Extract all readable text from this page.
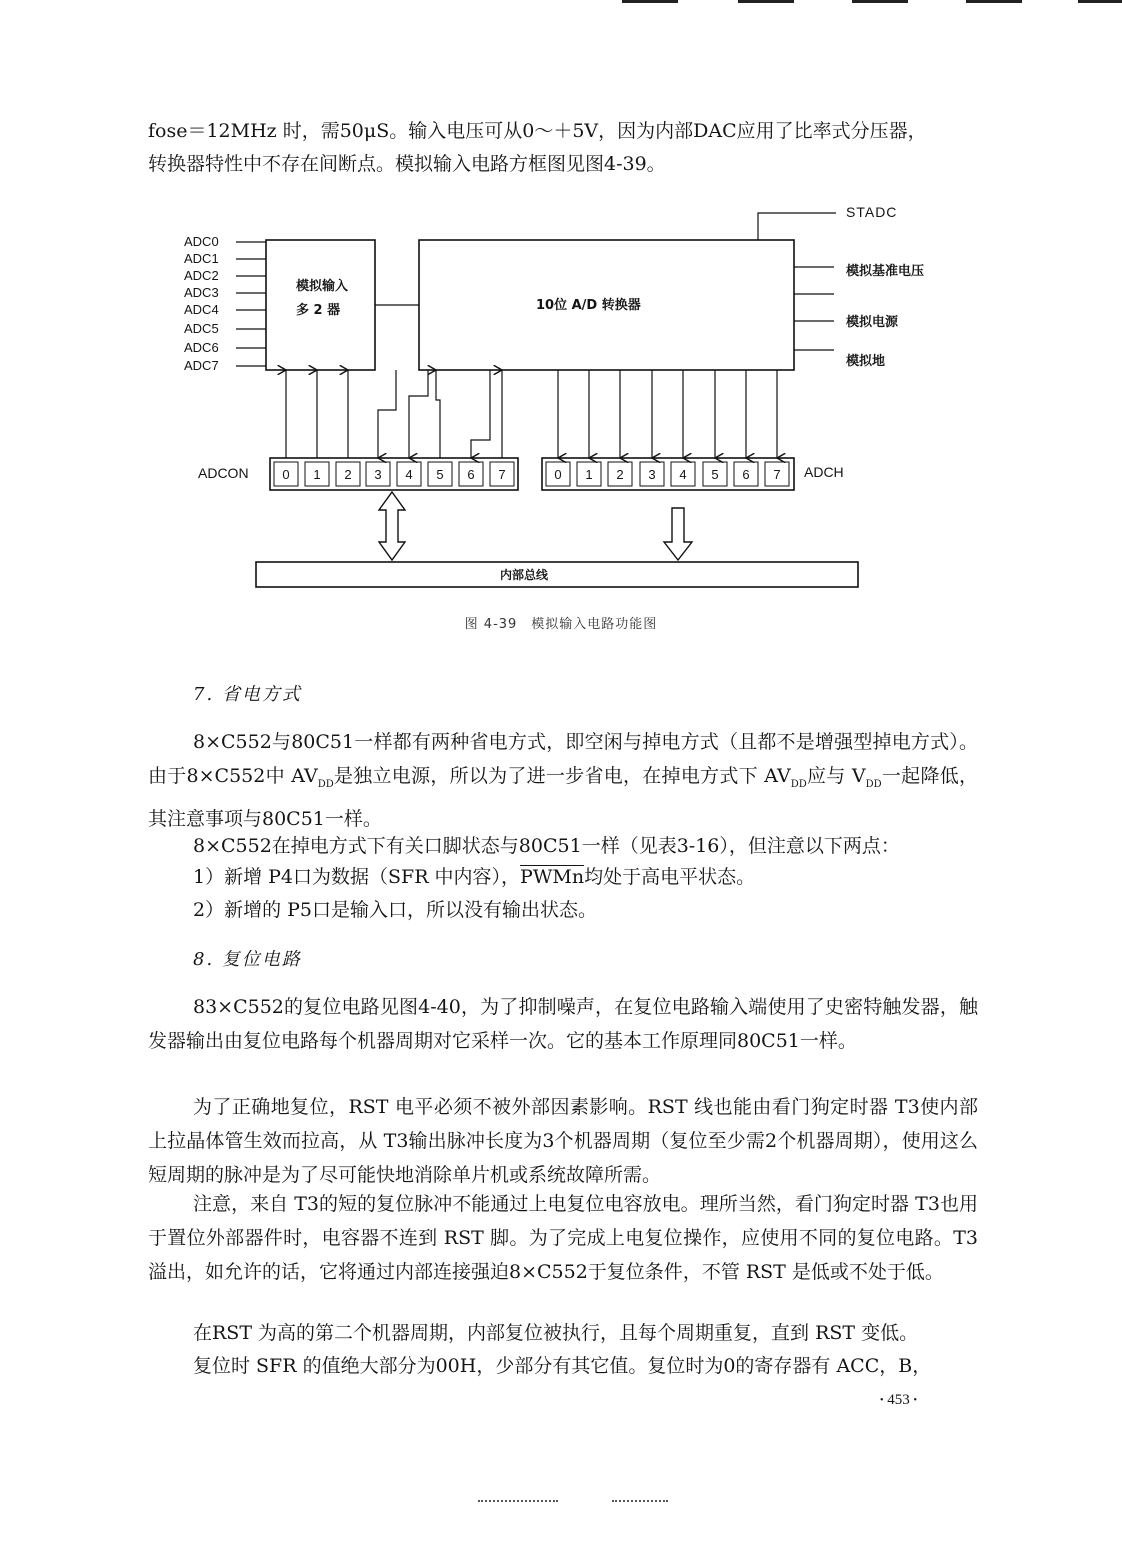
fose＝12MHz 时，需50μS。输入电压可从0～＋5V，因为内部DAC应用了比率式分压器，

转换器特性中不存在间断点。模拟输入电路方框图见图4-39。

ADC0
ADC1
ADC2
ADC3
ADC4
ADC5
ADC6
ADC7
模拟输入
多 2 器	10位 A/D 转换器
STADC
模拟基准电压
模拟电源
模拟地
ADCON	0 1 2 3 4 5 6 7	0 1 2 3 4 5 6 7 ADCH
内部总线
图 4-39　模拟输入电路功能图
7. 省电方式

8×C552与80C51一样都有两种省电方式，即空闲与掉电方式（且都不是增强型掉电方式）。由于8×C552中 $AV_{DD}$是独立电源，所以为了进一步省电，在掉电方式下 $AV_{DD}$应与 $V_{DD}$一起降低，其注意事项与80C51一样。

8×C552在掉电方式下有关口脚状态与80C51一样（见表3-16），但注意以下两点：

1）新增 P4口为数据（SFR 中内容），PWMn均处于高电平状态。

2）新增的 P5口是输入口，所以没有输出状态。

8. 复位电路

83×C552的复位电路见图4-40，为了抑制噪声，在复位电路输入端使用了史密特触发器，触发器输出由复位电路每个机器周期对它采样一次。它的基本工作原理同80C51一样。

为了正确地复位，RST 电平必须不被外部因素影响。RST 线也能由看门狗定时器 T3使内部上拉晶体管生效而拉高，从 T3输出脉冲长度为3个机器周期（复位至少需2个机器周期），使用这么短周期的脉冲是为了尽可能快地消除单片机或系统故障所需。

注意，来自 T3的短的复位脉冲不能通过上电复位电容放电。理所当然，看门狗定时器 T3也用于置位外部器件时，电容器不连到 RST 脚。为了完成上电复位操作，应使用不同的复位电路。T3溢出，如允许的话，它将通过内部连接强迫8×C552于复位条件，不管 RST 是低或不处于低。

在RST 为高的第二个机器周期，内部复位被执行，且每个周期重复，直到 RST 变低。

复位时 SFR 的值绝大部分为00H，少部分有其它值。复位时为0的寄存器有 ACC，B，

• 453 •
